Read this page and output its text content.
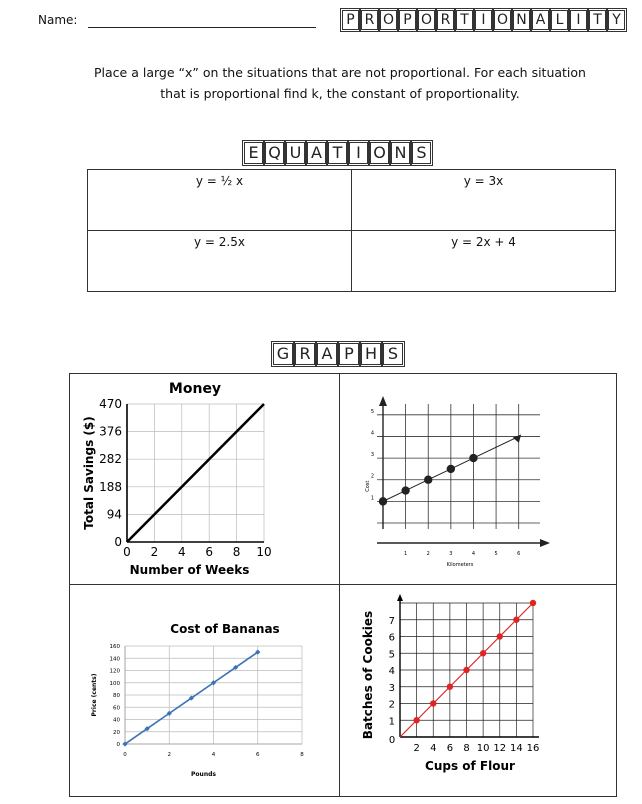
Name:	P R O P O R T I O N A L I T Y
Place a large “x” on the situations that are not proportional. For each situation
that is proportional find k, the constant of proportionality.
E Q U A T I O N S
y = ½ x	y = 3x
y = 2.5x	y = 2x + 4
G R A P H S
0 2 4 6 8 10
0
94
188
282
376
470
Money
Number of Weeks
Total Savings ($)
1	2	3	4	5	6
1
2
3
4
5
Kilometers
Cost
0	2	4	6	8
0
20
40
60
80
100
120
140
160
Cost of Bananas
Pounds
Price (cents)
0
2 4 6 8 10 12 14 16
1
2
3
4
5
6
7
Cups of Flour
Batches of Cookies
